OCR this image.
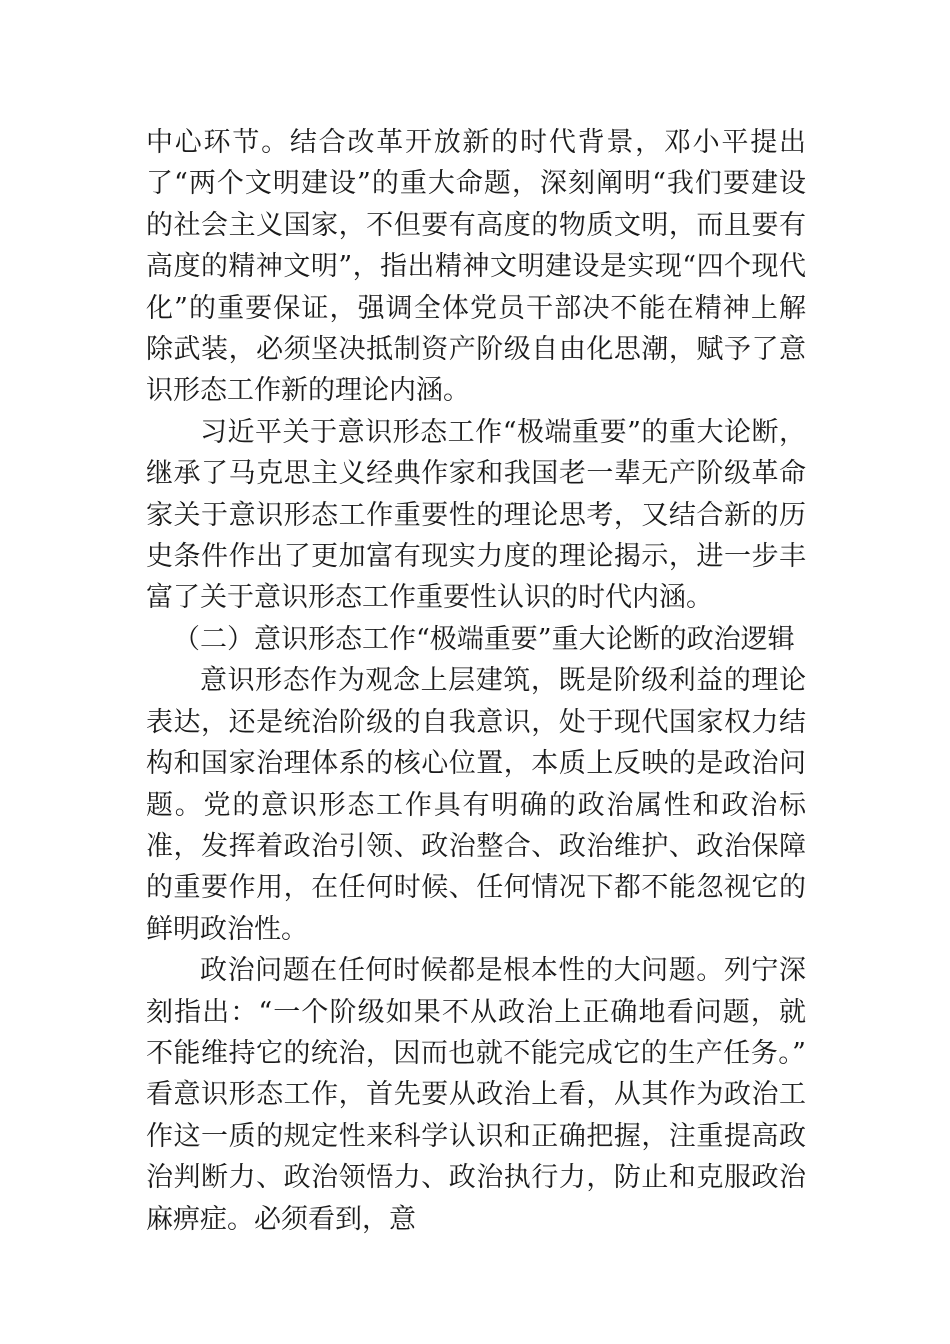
中心环节。结合改革开放新的时代背景，邓小平提出了“两个文明建设”的重大命题，深刻阐明“我们要建设的社会主义国家，不但要有高度的物质文明，而且要有高度的精神文明”，指出精神文明建设是实现“四个现代化”的重要保证，强调全体党员干部决不能在精神上解除武装，必须坚决抵制资产阶级自由化思潮，赋予了意识形态工作新的理论内涵。

习近平关于意识形态工作“极端重要”的重大论断，继承了马克思主义经典作家和我国老一辈无产阶级革命家关于意识形态工作重要性的理论思考，又结合新的历史条件作出了更加富有现实力度的理论揭示，进一步丰富了关于意识形态工作重要性认识的时代内涵。

（二）意识形态工作“极端重要”重大论断的政治逻辑

意识形态作为观念上层建筑，既是阶级利益的理论表达，还是统治阶级的自我意识，处于现代国家权力结构和国家治理体系的核心位置，本质上反映的是政治问题。党的意识形态工作具有明确的政治属性和政治标准，发挥着政治引领、政治整合、政治维护、政治保障的重要作用，在任何时候、任何情况下都不能忽视它的鲜明政治性。

政治问题在任何时候都是根本性的大问题。列宁深刻指出：“一个阶级如果不从政治上正确地看问题，就不能维持它的统治，因而也就不能完成它的生产任务。” 看意识形态工作，首先要从政治上看，从其作为政治工作这一质的规定性来科学认识和正确把握，注重提高政治判断力、政治领悟力、政治执行力，防止和克服政治麻痹症。必须看到，意
